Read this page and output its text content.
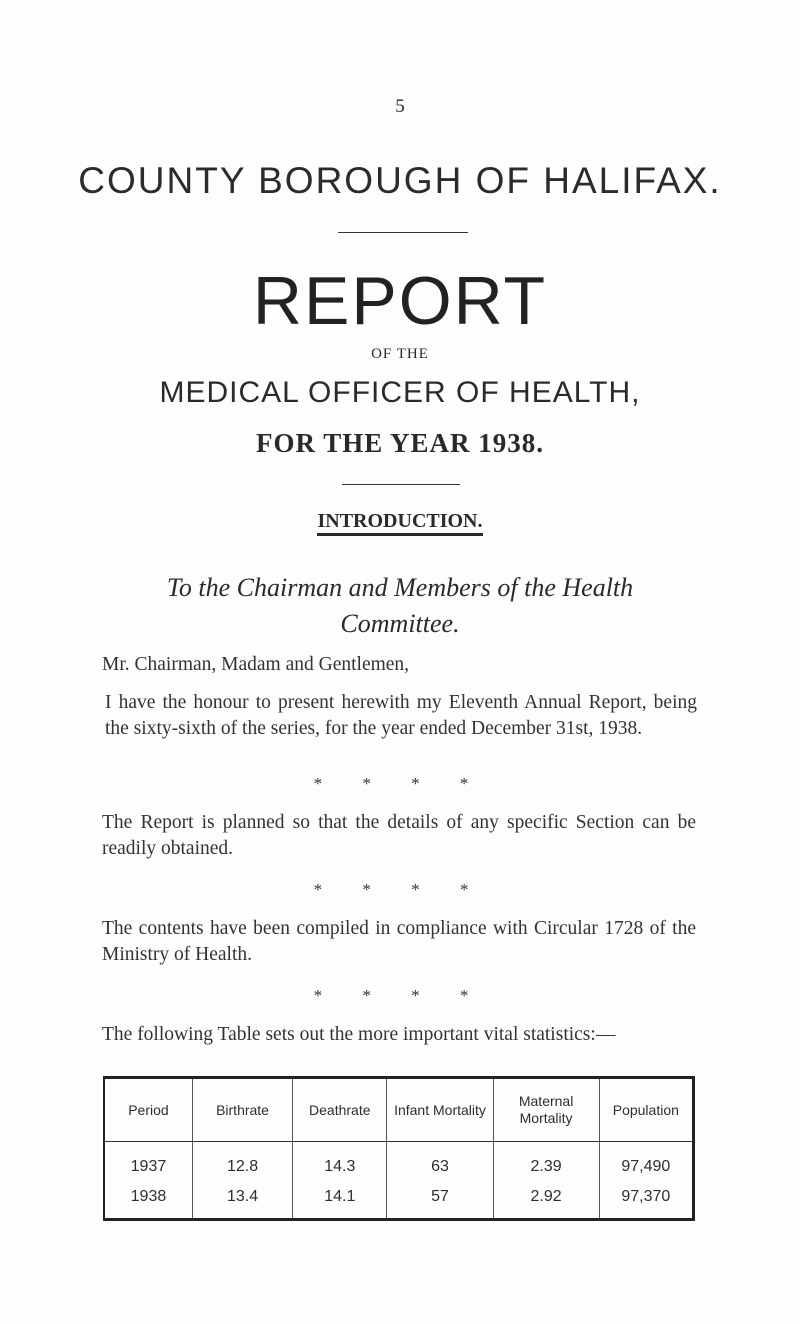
5
COUNTY BOROUGH OF HALIFAX.
REPORT
OF THE
MEDICAL OFFICER OF HEALTH,
FOR THE YEAR 1938.
INTRODUCTION.
To the Chairman and Members of the Health
Committee.
Mr. Chairman, Madam and Gentlemen,
I have the honour to present herewith my Eleventh Annual Report, being the sixty-sixth of the series, for the year ended December 31st, 1938.
* * * *
The Report is planned so that the details of any specific Section can be readily obtained.
* * * *
The contents have been compiled in compliance with Circular 1728 of the Ministry of Health.
* * * *
The following Table sets out the more important vital statistics:—
Period	Birthrate	Deathrate	Infant Mortality	Maternal Mortality	Population
1937	12.8	14.3	63	2.39	97,490
1938	13.4	14.1	57	2.92	97,370
